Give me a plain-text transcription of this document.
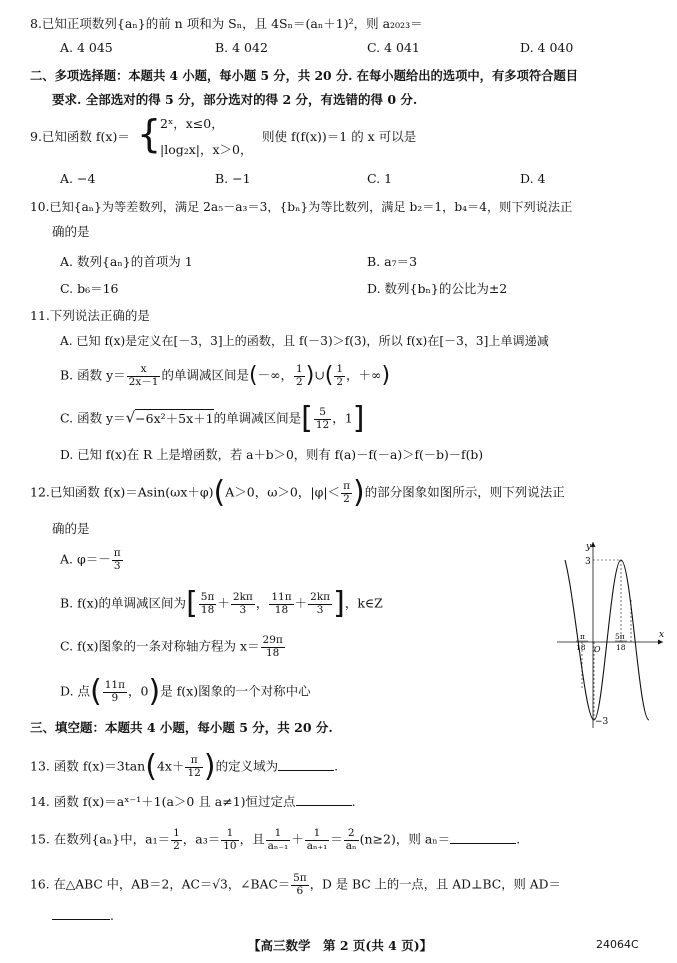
8.已知正项数列{aₙ}的前 n 项和为 Sₙ，且 4Sₙ＝(aₙ＋1)²，则 a₂₀₂₃＝
A. 4 045	B. 4 042	C. 4 041	D. 4 040
二、多项选择题：本题共 4 小题，每小题 5 分，共 20 分. 在每小题给出的选项中，有多项符合题目
要求. 全部选对的得 5 分，部分选对的得 2 分，有选错的得 0 分.
9.已知函数 f(x)＝ {
2ˣ，x≤0，
|log₂x|，x＞0，
则使 f(f(x))＝1 的 x 可以是
A. −4	B. −1	C. 1	D. 4
10.已知{aₙ}为等差数列，满足 2a₅－a₃＝3，{bₙ}为等比数列，满足 b₂＝1，b₄＝4，则下列说法正
确的是
A. 数列{aₙ}的首项为 1	B. a₇＝3
C. b₆＝16	D. 数列{bₙ}的公比为±2
11.下列说法正确的是
A. 已知 f(x)是定义在[－3，3]上的函数，且 f(－3)＞f(3)，所以 f(x)在[－3，3]上单调递减
B. 函数 $y= \frac{x}{2x-1}$ 的单调减区间是(－∞， $\frac{1}{2}$ )∪( $\frac{1}{2}$ ，＋∞)
C. 函数 y＝√−6x²＋5x＋1的单调减区间是[ $\frac{5}{12}$ ，1]
D. 已知 f(x)在 R 上是增函数，若 a＋b＞0，则有 f(a)－f(－a)＞f(－b)－f(b)
12.已知函数 f(x)＝Asin(ωx＋φ)(A＞0，ω＞0，$|\varphi|< \frac{\pi}{2}$ )的部分图象如图所示，则下列说法正
确的是
A. $\varphi=- \frac{\pi}{3}$
B. f(x)的单调减区间为[ $\frac{5\pi}{18} + \frac{2k\pi}{3}$ ， $\frac{11\pi}{18} + \frac{2k\pi}{3}$ ]，k∈Z
C. f(x)图象的一条对称轴方程为 $x= \frac{29\pi}{18}$
D. 点( $\frac{11\pi}{9}$ ，0)是 f(x)图象的一个对称中心
y
x
3
−3
O
5π
18
π
18
三、填空题：本题共 4 小题，每小题 5 分，共 20 分.
13. 函数 $f(x)=3\tan(4x+ \frac{\pi}{12}$ )的定义域为	.
14. 函数 f(x)＝aˣ⁻¹＋1(a＞0 且 a≠1)恒过定点	.
15. 在数列{aₙ}中，$a_1= \frac{1}{2}$ ，$a_3= \frac{1}{10}$ ，且 $\frac{1}{\text{aₙ₋₁}} + \frac{1}{\text{aₙ₊₁}} = \frac{2}{\text{aₙ}} (n\ge 2)$，则 aₙ＝	.
16. 在△ABC 中，AB＝2，AC＝√3，∠BAC＝ $\frac{5\pi}{6}$ ，D 是 BC 上的一点，且 AD⊥BC，则 AD＝
.
【高三数学　第 2 页(共 4 页)】	24064C
